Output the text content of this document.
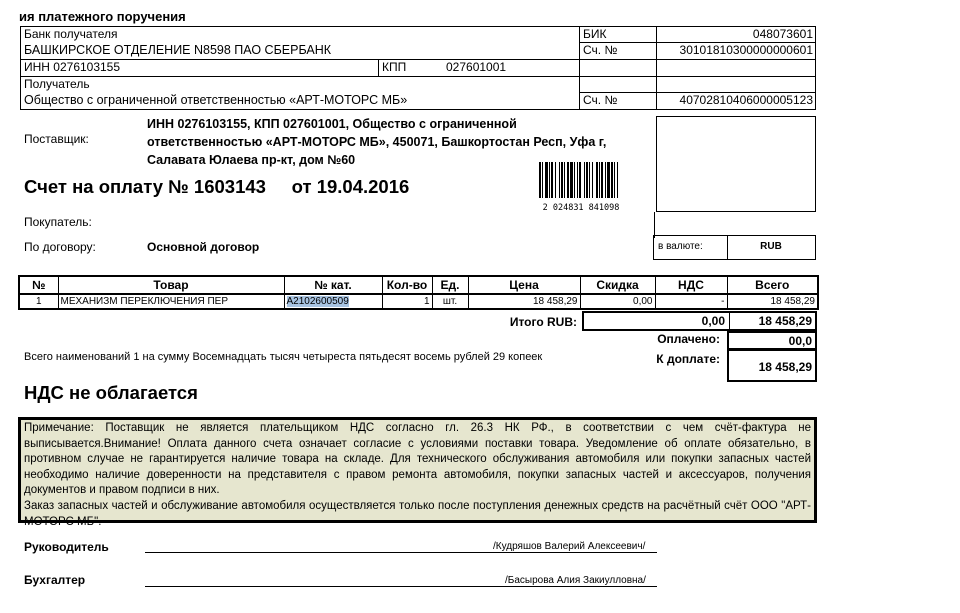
ия платежного поручения
Банк получателя
БАШКИРСКОЕ ОТДЕЛЕНИЕ N8598 ПАО СБЕРБАНК
БИК	048073601
Сч. №	30101810300000000601
ИНН 0276103155	КПП	027601001
Получатель
Общество с ограниченной ответственностью «АРТ-МОТОРС МБ»	Сч. №	40702810406000005123
Поставщик:
ИНН 0276103155, КПП 027601001, Общество с ограниченной
ответственностью «АРТ-МОТОРС МБ», 450071, Башкортостан Респ, Уфа г,
Салавата Юлаева пр-кт, дом №60
Счет на оплату № 1603143     от 19.04.2016
2 024831 841098
Покупатель:
По договору:	Основной договор	в валюте:	RUB
№	Товар	№ кат.	Кол-во	Ед.	Цена	Скидка	НДС	Всего
1	МЕХАНИЗМ ПЕРЕКЛЮЧЕНИЯ ПЕР	A2102600509	1	шт.	18 458,29	0,00	-	18 458,29
Итого RUB:	0,00	18 458,29
Оплачено:	00,0
К доплате:
18 458,29
Всего наименований 1 на сумму Восемнадцать тысяч четыреста пятьдесят восемь рублей 29 копеек
НДС не облагается

Примечание: Поставщик не является плательщиком НДС согласно гл. 26.3 НК РФ., в соответствии с чем счёт-фактура не выписывается.Внимание! Оплата данного счета означает согласие с условиями поставки товара. Уведомление об оплате обязательно, в противном случае не гарантируется наличие товара на складе. Для технического обслуживания автомобиля или покупки запасных частей необходимо наличие доверенности на представителя с правом ремонта автомобиля, покупки запасных частей и аксессуаров, получения документов и правом подписи в них.

Заказ запасных частей и обслуживание автомобиля осуществляется только после поступления денежных средств на расчётный счёт ООО "АРТ-МОТОРС МБ".

Руководитель	/Кудряшов Валерий Алексеевич/
Бухгалтер	/Басырова Алия Закиулловна/
